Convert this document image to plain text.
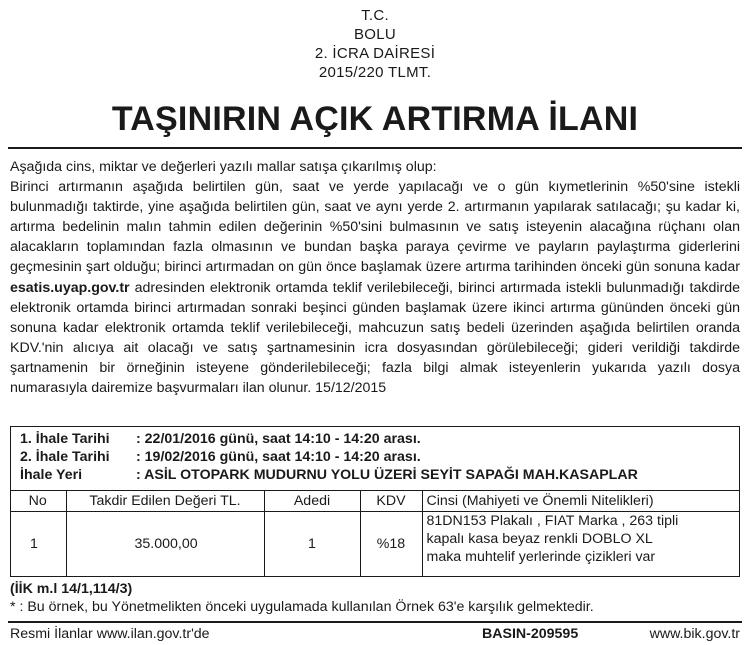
T.C.
BOLU
2. İCRA DAİRESİ
2015/220 TLMT.
TAŞINIRIN AÇIK ARTIRMA İLANI

Aşağıda cins, miktar ve değerleri yazılı mallar satışa çıkarılmış olup:

Birinci artırmanın aşağıda belirtilen gün, saat ve yerde yapılacağı ve o gün kıymetlerinin %50'sine istekli bulunmadığı taktirde, yine aşağıda belirtilen gün, saat ve aynı yerde 2. artırmanın yapılarak satılacağı; şu kadar ki, artırma bedelinin malın tahmin edilen değerinin %50'sini bulmasının ve satış isteyenin alacağına rüçhanı olan alacakların toplamından fazla olmasının ve bundan başka paraya çevirme ve payların paylaştırma giderlerini geçmesinin şart olduğu; birinci artırmadan on gün önce başlamak üzere artırma tarihinden önceki gün sonuna kadar esatis.uyap.gov.tr adresinden elektronik ortamda teklif verilebileceği, birinci artırmada istekli bulunmadığı takdirde elektronik ortamda birinci artırmadan sonraki beşinci günden başlamak üzere ikinci artırma gününden önceki gün sonuna kadar elektronik ortamda teklif verilebileceği, mahcuzun satış bedeli üzerinden aşağıda belirtilen oranda KDV.'nin alıcıya ait olacağı ve satış şartnamesinin icra dosyasından görülebileceği; gideri verildiği takdirde şartnamenin bir örneğinin isteyene gönderilebileceği; fazla bilgi almak isteyenlerin yukarıda yazılı dosya numarasıyla dairemize başvurmaları ilan olunur. 15/12/2015

1. İhale Tarihi : 22/01/2016 günü, saat 14:10 - 14:20 arası.
2. İhale Tarihi : 19/02/2016 günü, saat 14:10 - 14:20 arası.
İhale Yeri	: ASİL OTOPARK MUDURNU YOLU ÜZERİ SEYİT SAPAĞI MAH.KASAPLAR
No	Takdir Edilen Değeri TL.	Adedi	KDV	Cinsi (Mahiyeti ve Önemli Nitelikleri)
1	35.000,00	1	%18	81DN153 Plakalı , FIAT Marka , 263 tipli
kapalı kasa beyaz renkli DOBLO XL
maka muhtelif yerlerinde çizikleri var
(İİK m.l 14/1,114/3)
* : Bu örnek, bu Yönetmelikten önceki uygulamada kullanılan Örnek 63'e karşılık gelmektedir.
Resmi İlanlar www.ilan.gov.tr'de	BASIN-209595	www.bik.gov.tr
